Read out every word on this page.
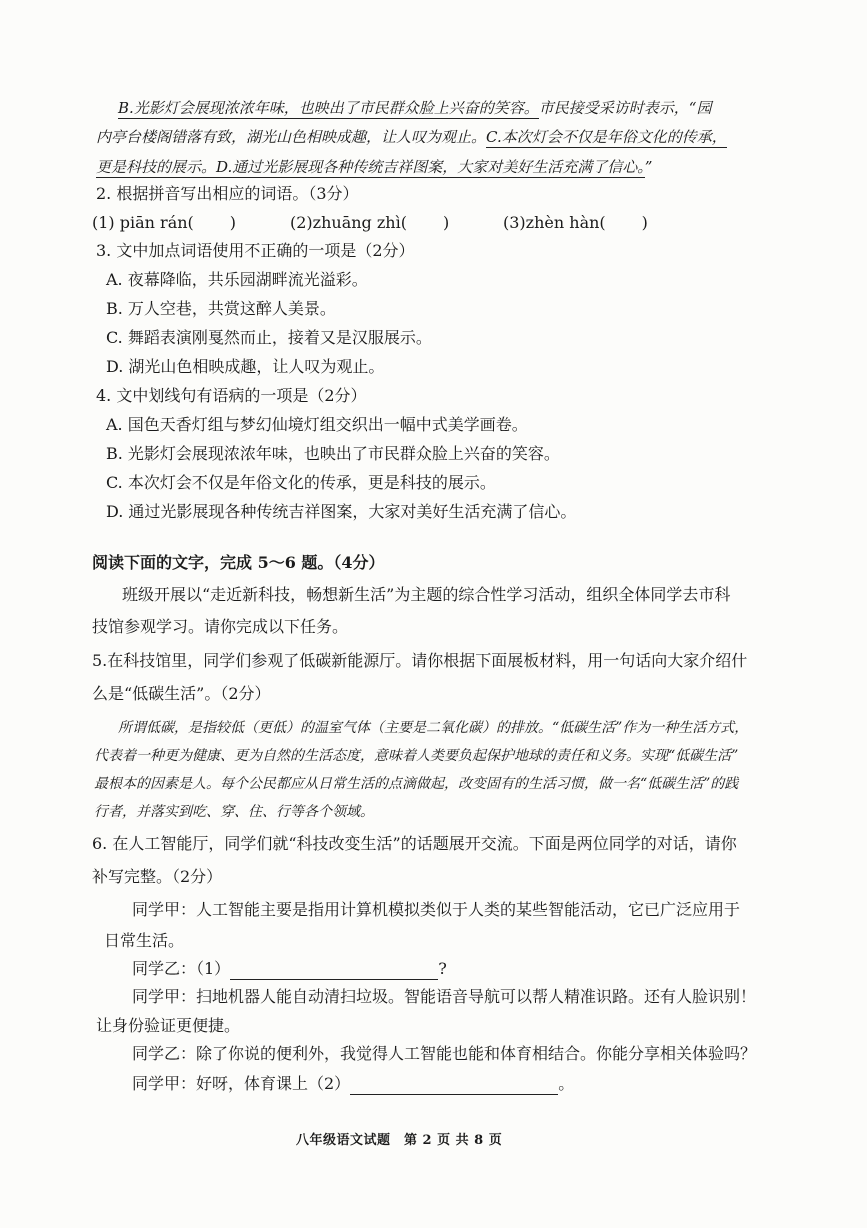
B.光影灯会展现浓浓年味，也映出了市民群众脸上兴奋的笑容。市民接受采访时表示，“园
内亭台楼阁错落有致，湖光山色相映成趣，让人叹为观止。C.本次灯会不仅是年俗文化的传承，
更是科技的展示。D.通过光影展现各种传统吉祥图案，大家对美好生活充满了信心。”
2. 根据拼音写出相应的词语。（3分）
(1) piān rán( )	(2)zhuāng zhì( )	(3)zhèn hàn( )
3. 文中加点词语使用不正确的一项是（2分）
A. 夜幕降临，共乐园湖畔流光溢彩。
B. 万人空巷，共赏这醉人美景。
C. 舞蹈表演刚戛然而止，接着又是汉服展示。
D. 湖光山色相映成趣，让人叹为观止。
4. 文中划线句有语病的一项是（2分）
A. 国色天香灯组与梦幻仙境灯组交织出一幅中式美学画卷。
B. 光影灯会展现浓浓年味，也映出了市民群众脸上兴奋的笑容。
C. 本次灯会不仅是年俗文化的传承，更是科技的展示。
D. 通过光影展现各种传统吉祥图案，大家对美好生活充满了信心。
阅读下面的文字，完成 5～6 题。（4分）
班级开展以“走近新科技，畅想新生活”为主题的综合性学习活动，组织全体同学去市科
技馆参观学习。请你完成以下任务。
5.在科技馆里，同学们参观了低碳新能源厅。请你根据下面展板材料，用一句话向大家介绍什
么是“低碳生活”。（2分）
所谓低碳，是指较低（更低）的温室气体（主要是二氧化碳）的排放。“低碳生活”作为一种生活方式，
代表着一种更为健康、更为自然的生活态度，意味着人类要负起保护地球的责任和义务。实现“低碳生活”
最根本的因素是人。每个公民都应从日常生活的点滴做起，改变固有的生活习惯，做一名“低碳生活”的践
行者，并落实到吃、穿、住、行等各个领域。
6. 在人工智能厅，同学们就“科技改变生活”的话题展开交流。下面是两位同学的对话，请你
补写完整。（2分）
同学甲：人工智能主要是指用计算机模拟类似于人类的某些智能活动，它已广泛应用于
日常生活。
同学乙：（1）	?
同学甲：扫地机器人能自动清扫垃圾。智能语音导航可以帮人精准识路。还有人脸识别！
让身份验证更便捷。
同学乙：除了你说的便利外，我觉得人工智能也能和体育相结合。你能分享相关体验吗？
同学甲：好呀，体育课上（2）	。
八年级语文试题　第 2 页 共 8 页
